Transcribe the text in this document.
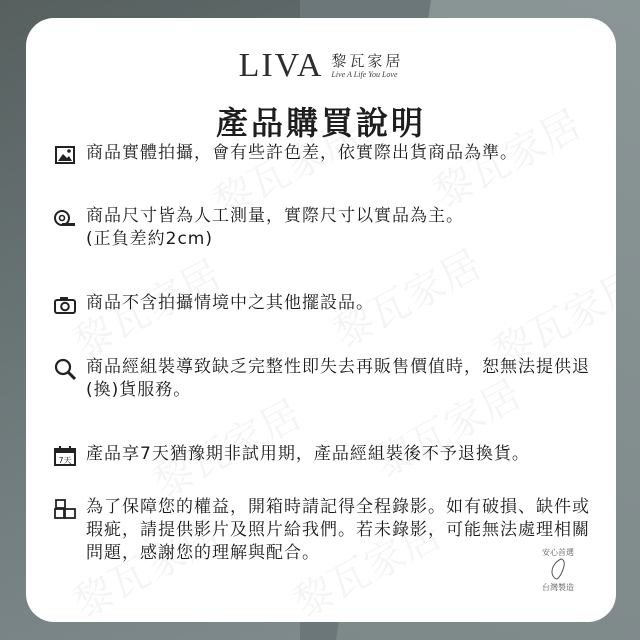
LIVA 黎瓦家居
Live A Life You Love
產品購買說明
商品實體拍攝，會有些許色差，依實際出貨商品為準。
商品尺寸皆為人工測量，實際尺寸以實品為主。
(正負差約2cm)
商品不含拍攝情境中之其他擺設品。
商品經組裝導致缺乏完整性即失去再販售價值時，恕無法提供退(換)貨服務。
7天 產品享7天猶豫期非試用期，產品經組裝後不予退換貨。
為了保障您的權益，開箱時請記得全程錄影。如有破損、缺件或瑕疵，請提供影片及照片給我們。若未錄影，可能無法處理相關問題，感謝您的理解與配合。	安心首選
台灣製造
